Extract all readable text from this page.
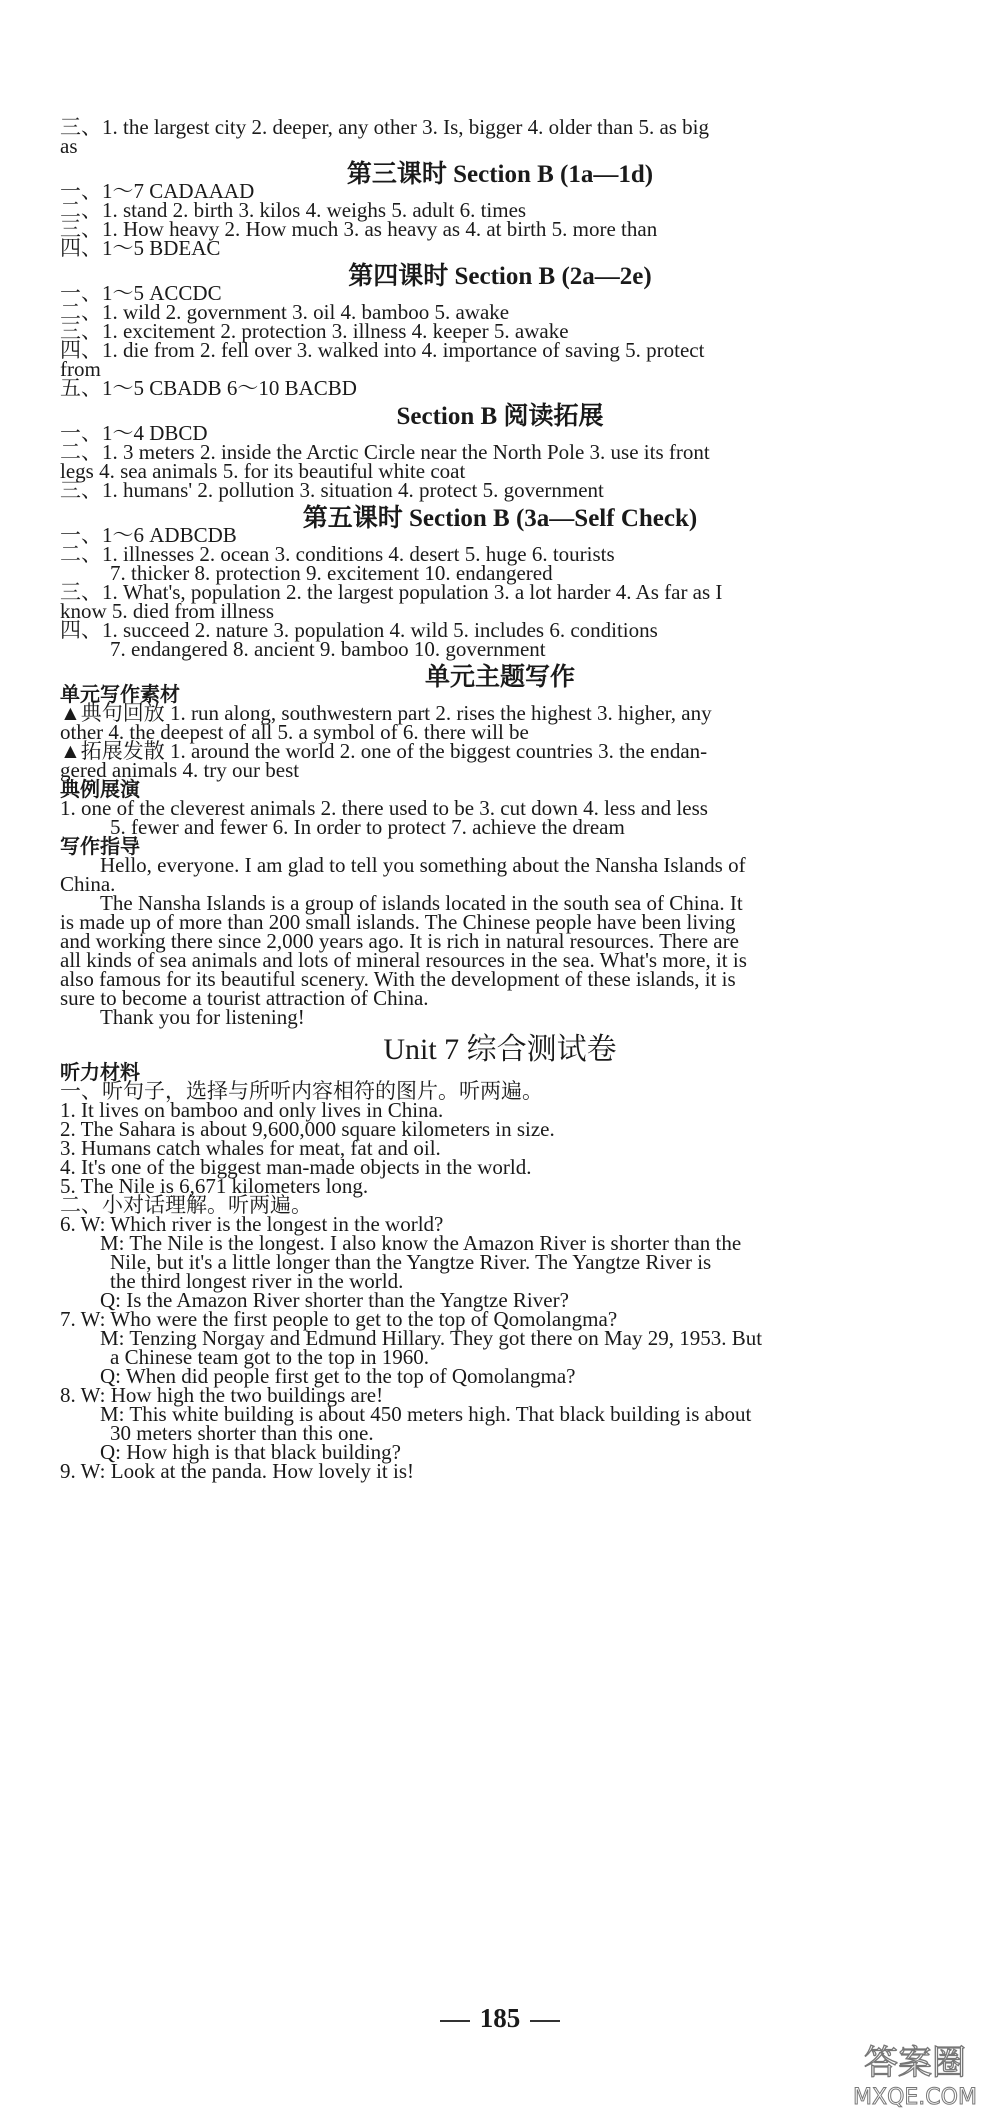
三、1. the largest city 2. deeper, any other 3. Is, bigger 4. older than 5. as big
as
第三课时 Section B (1a—1d)
一、1～7 CADAAAD
二、1. stand 2. birth 3. kilos 4. weighs 5. adult 6. times
三、1. How heavy 2. How much 3. as heavy as 4. at birth 5. more than
四、1～5 BDEAC
第四课时 Section B (2a—2e)
一、1～5 ACCDC
二、1. wild 2. government 3. oil 4. bamboo 5. awake
三、1. excitement 2. protection 3. illness 4. keeper 5. awake
四、1. die from 2. fell over 3. walked into 4. importance of saving 5. protect
from
五、1～5 CBADB 6～10 BACBD
Section B 阅读拓展
一、1～4 DBCD
二、1. 3 meters 2. inside the Arctic Circle near the North Pole 3. use its front
legs 4. sea animals 5. for its beautiful white coat
三、1. humans' 2. pollution 3. situation 4. protect 5. government
第五课时 Section B (3a—Self Check)
一、1～6 ADBCDB
二、1. illnesses 2. ocean 3. conditions 4. desert 5. huge 6. tourists
7. thicker 8. protection 9. excitement 10. endangered
三、1. What's, population 2. the largest population 3. a lot harder 4. As far as I
know 5. died from illness
四、1. succeed 2. nature 3. population 4. wild 5. includes 6. conditions
7. endangered 8. ancient 9. bamboo 10. government
单元主题写作
单元写作素材
▲典句回放 1. run along, southwestern part 2. rises the highest 3. higher, any
other 4. the deepest of all 5. a symbol of 6. there will be
▲拓展发散 1. around the world 2. one of the biggest countries 3. the endan-
gered animals 4. try our best
典例展演
1. one of the cleverest animals 2. there used to be 3. cut down 4. less and less
5. fewer and fewer 6. In order to protect 7. achieve the dream
写作指导
Hello, everyone. I am glad to tell you something about the Nansha Islands of
China.
The Nansha Islands is a group of islands located in the south sea of China. It
is made up of more than 200 small islands. The Chinese people have been living
and working there since 2,000 years ago. It is rich in natural resources. There are
all kinds of sea animals and lots of mineral resources in the sea. What's more, it is
also famous for its beautiful scenery. With the development of these islands, it is
sure to become a tourist attraction of China.
Thank you for listening!
Unit 7 综合测试卷
听力材料
一、听句子，选择与所听内容相符的图片。听两遍。
1. It lives on bamboo and only lives in China.
2. The Sahara is about 9,600,000 square kilometers in size.
3. Humans catch whales for meat, fat and oil.
4. It's one of the biggest man-made objects in the world.
5. The Nile is 6,671 kilometers long.
二、小对话理解。听两遍。
6. W: Which river is the longest in the world?
M: The Nile is the longest. I also know the Amazon River is shorter than the
Nile, but it's a little longer than the Yangtze River. The Yangtze River is
the third longest river in the world.
Q: Is the Amazon River shorter than the Yangtze River?
7. W: Who were the first people to get to the top of Qomolangma?
M: Tenzing Norgay and Edmund Hillary. They got there on May 29, 1953. But
a Chinese team got to the top in 1960.
Q: When did people first get to the top of Qomolangma?
8. W: How high the two buildings are!
M: This white building is about 450 meters high. That black building is about
30 meters shorter than this one.
Q: How high is that black building?
9. W: Look at the panda. How lovely it is!
185
答案圈
MXQE.COM
